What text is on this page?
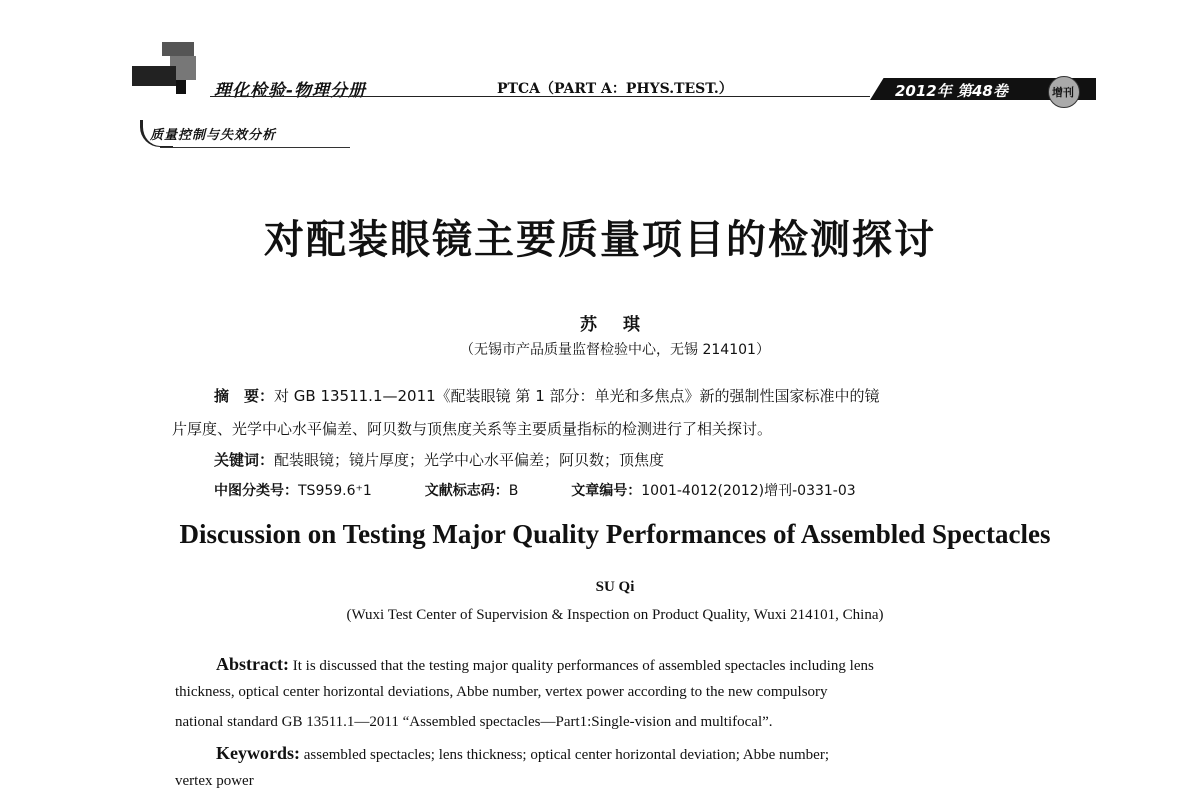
理化检验-物理分册	PTCA（PART A：PHYS.TEST.）	2012年 第48卷	增刊
质量控制与失效分析
对配装眼镜主要质量项目的检测探讨
苏 琪
（无锡市产品质量监督检验中心，无锡 214101）
摘　要：对 GB 13511.1—2011《配装眼镜 第 1 部分：单光和多焦点》新的强制性国家标准中的镜
片厚度、光学中心水平偏差、阿贝数与顶焦度关系等主要质量指标的检测进行了相关探讨。
关键词：配装眼镜；镜片厚度；光学中心水平偏差；阿贝数；顶焦度
中图分类号：TS959.6⁺1	文献标志码：B	文章编号：1001-4012(2012)增刊-0331-03
Discussion on Testing Major Quality Performances of Assembled Spectacles
SU Qi
(Wuxi Test Center of Supervision & Inspection on Product Quality, Wuxi 214101, China)
Abstract: It is discussed that the testing major quality performances of assembled spectacles including lens
thickness, optical center horizontal deviations, Abbe number, vertex power according to the new compulsory
national standard GB 13511.1—2011 “Assembled spectacles—Part1:Single-vision and multifocal”.
Keywords: assembled spectacles; lens thickness; optical center horizontal deviation; Abbe number;
vertex power
